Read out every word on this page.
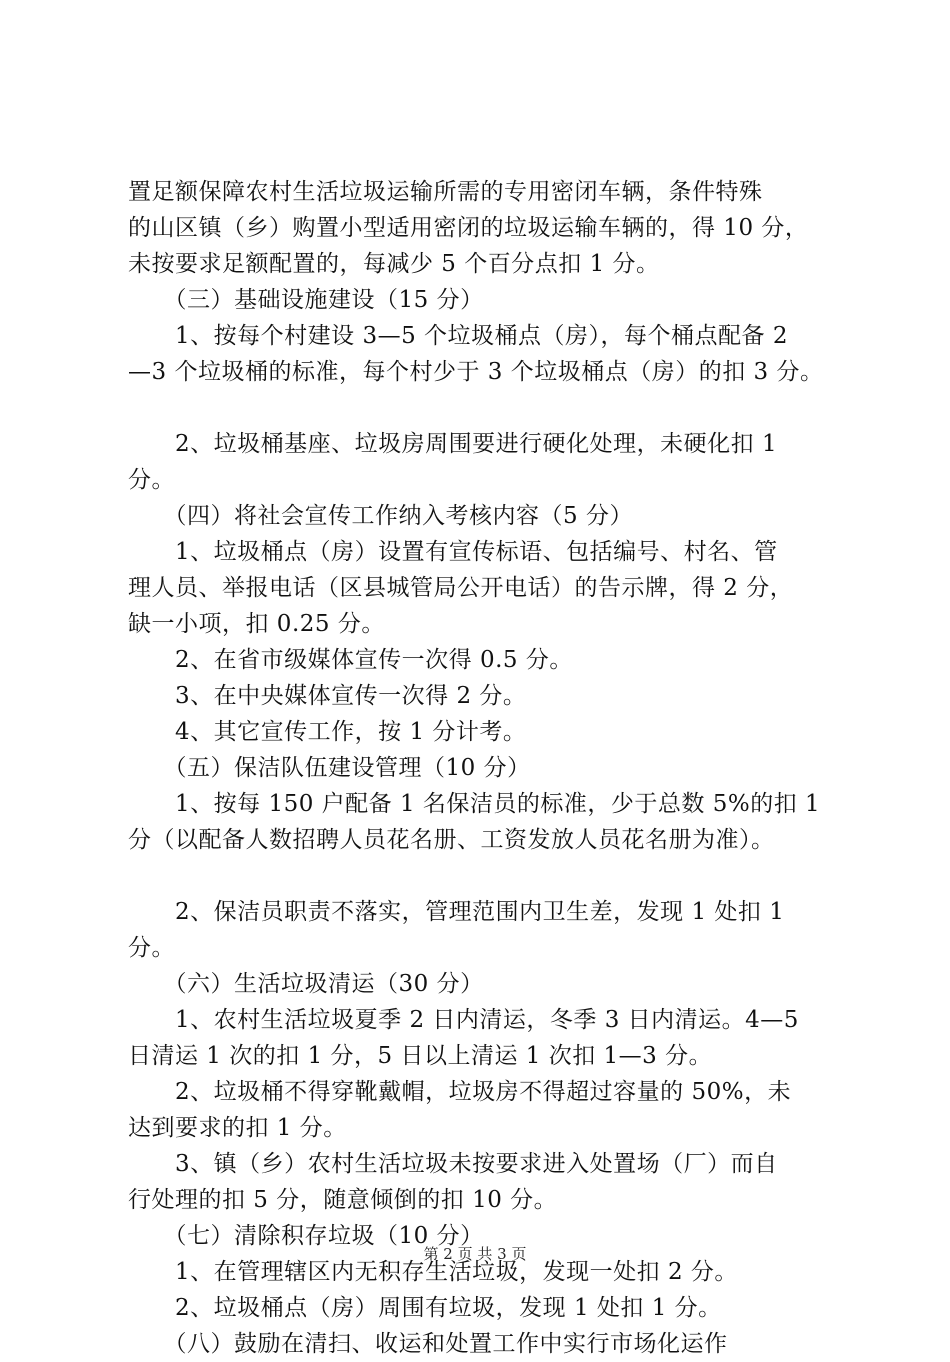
置足额保障农村生活垃圾运输所需的专用密闭车辆，条件特殊
的山区镇（乡）购置小型适用密闭的垃圾运输车辆的，得 10 分，
未按要求足额配置的，每减少 5 个百分点扣 1 分。
　　（三）基础设施建设（15 分）
　　1、按每个村建设 3—5 个垃圾桶点（房），每个桶点配备 2
—3 个垃圾桶的标准，每个村少于 3 个垃圾桶点（房）的扣 3 分。
　　2、垃圾桶基座、垃圾房周围要进行硬化处理，未硬化扣 1
分。
　　（四）将社会宣传工作纳入考核内容（5 分）
　　1、垃圾桶点（房）设置有宣传标语、包括编号、村名、管
理人员、举报电话（区县城管局公开电话）的告示牌，得 2 分，
缺一小项，扣 0.25 分。
　　2、在省市级媒体宣传一次得 0.5 分。
　　3、在中央媒体宣传一次得 2 分。
　　4、其它宣传工作，按 1 分计考。
　　（五）保洁队伍建设管理（10 分）
　　1、按每 150 户配备 1 名保洁员的标准，少于总数 5%的扣 1
分（以配备人数招聘人员花名册、工资发放人员花名册为准）。
　　2、保洁员职责不落实，管理范围内卫生差，发现 1 处扣 1
分。
　　（六）生活垃圾清运（30 分）
　　1、农村生活垃圾夏季 2 日内清运，冬季 3 日内清运。4—5
日清运 1 次的扣 1 分，5 日以上清运 1 次扣 1—3 分。
　　2、垃圾桶不得穿靴戴帽，垃圾房不得超过容量的 50%，未
达到要求的扣 1 分。
　　3、镇（乡）农村生活垃圾未按要求进入处置场（厂）而自
行处理的扣 5 分，随意倾倒的扣 10 分。
　　（七）清除积存垃圾（10 分）
　　1、在管理辖区内无积存生活垃圾，发现一处扣 2 分。
　　2、垃圾桶点（房）周围有垃圾，发现 1 处扣 1 分。
　　（八）鼓励在清扫、收运和处置工作中实行市场化运作
第 2 页 共 3 页
